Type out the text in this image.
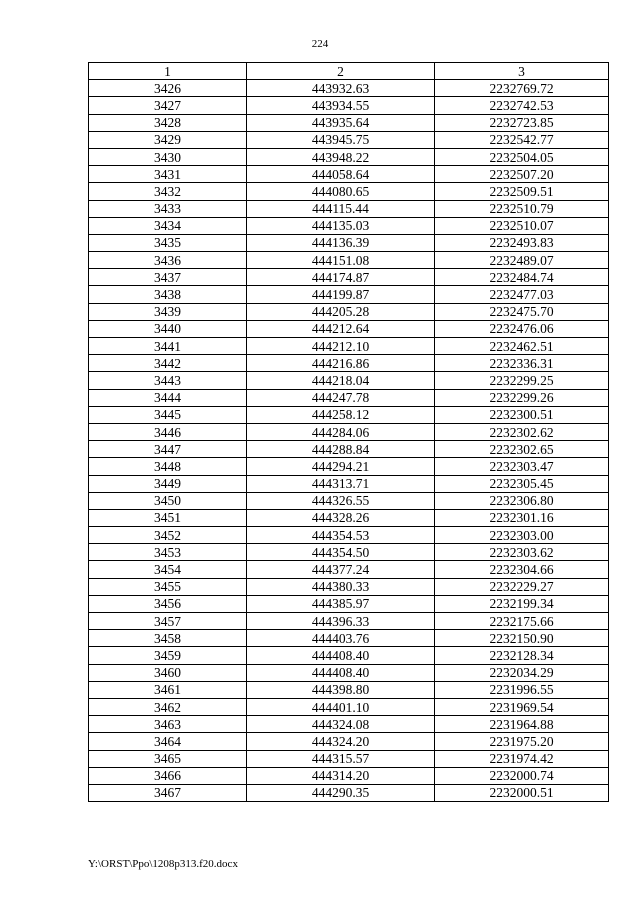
224
1	2	3
3426	443932.63	2232769.72
3427	443934.55	2232742.53
3428	443935.64	2232723.85
3429	443945.75	2232542.77
3430	443948.22	2232504.05
3431	444058.64	2232507.20
3432	444080.65	2232509.51
3433	444115.44	2232510.79
3434	444135.03	2232510.07
3435	444136.39	2232493.83
3436	444151.08	2232489.07
3437	444174.87	2232484.74
3438	444199.87	2232477.03
3439	444205.28	2232475.70
3440	444212.64	2232476.06
3441	444212.10	2232462.51
3442	444216.86	2232336.31
3443	444218.04	2232299.25
3444	444247.78	2232299.26
3445	444258.12	2232300.51
3446	444284.06	2232302.62
3447	444288.84	2232302.65
3448	444294.21	2232303.47
3449	444313.71	2232305.45
3450	444326.55	2232306.80
3451	444328.26	2232301.16
3452	444354.53	2232303.00
3453	444354.50	2232303.62
3454	444377.24	2232304.66
3455	444380.33	2232229.27
3456	444385.97	2232199.34
3457	444396.33	2232175.66
3458	444403.76	2232150.90
3459	444408.40	2232128.34
3460	444408.40	2232034.29
3461	444398.80	2231996.55
3462	444401.10	2231969.54
3463	444324.08	2231964.88
3464	444324.20	2231975.20
3465	444315.57	2231974.42
3466	444314.20	2232000.74
3467	444290.35	2232000.51
Y:\ORST\Ppo\1208p313.f20.docx
